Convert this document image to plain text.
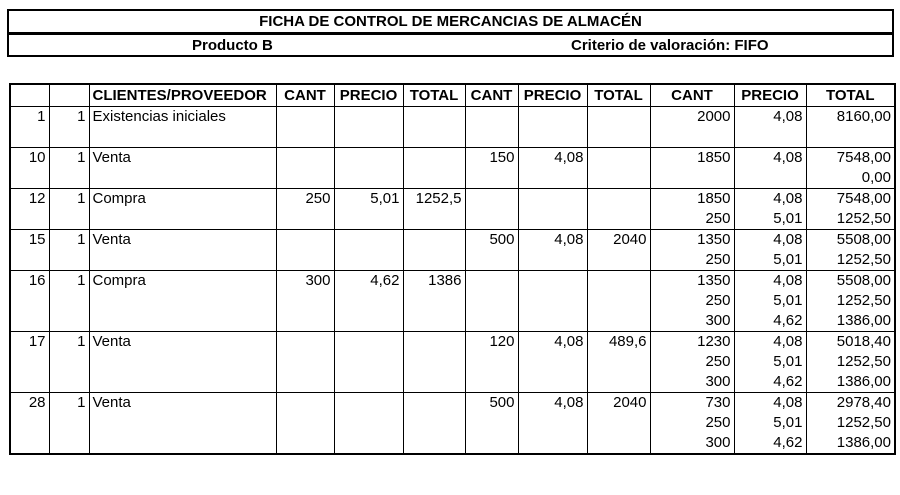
FICHA DE CONTROL DE MERCANCIAS DE ALMACÉN
Producto B	Criterio de valoración: FIFO
		CLIENTES/PROVEEDOR	CANT	PRECIO	TOTAL	CANT	PRECIO	TOTAL	CANT	PRECIO	TOTAL
1	1	Existencias iniciales							2000	4,08	8160,00

10	1	Venta				150	4,08		1850	4,08	7548,00
											0,00
12	1	Compra	250	5,01	1252,5				1850	4,08	7548,00
									250	5,01	1252,50
15	1	Venta				500	4,08	2040	1350	4,08	5508,00
									250	5,01	1252,50
16	1	Compra	300	4,62	1386				1350	4,08	5508,00
									250	5,01	1252,50
									300	4,62	1386,00
17	1	Venta				120	4,08	489,6	1230	4,08	5018,40
									250	5,01	1252,50
									300	4,62	1386,00
28	1	Venta				500	4,08	2040	730	4,08	2978,40
									250	5,01	1252,50
									300	4,62	1386,00
